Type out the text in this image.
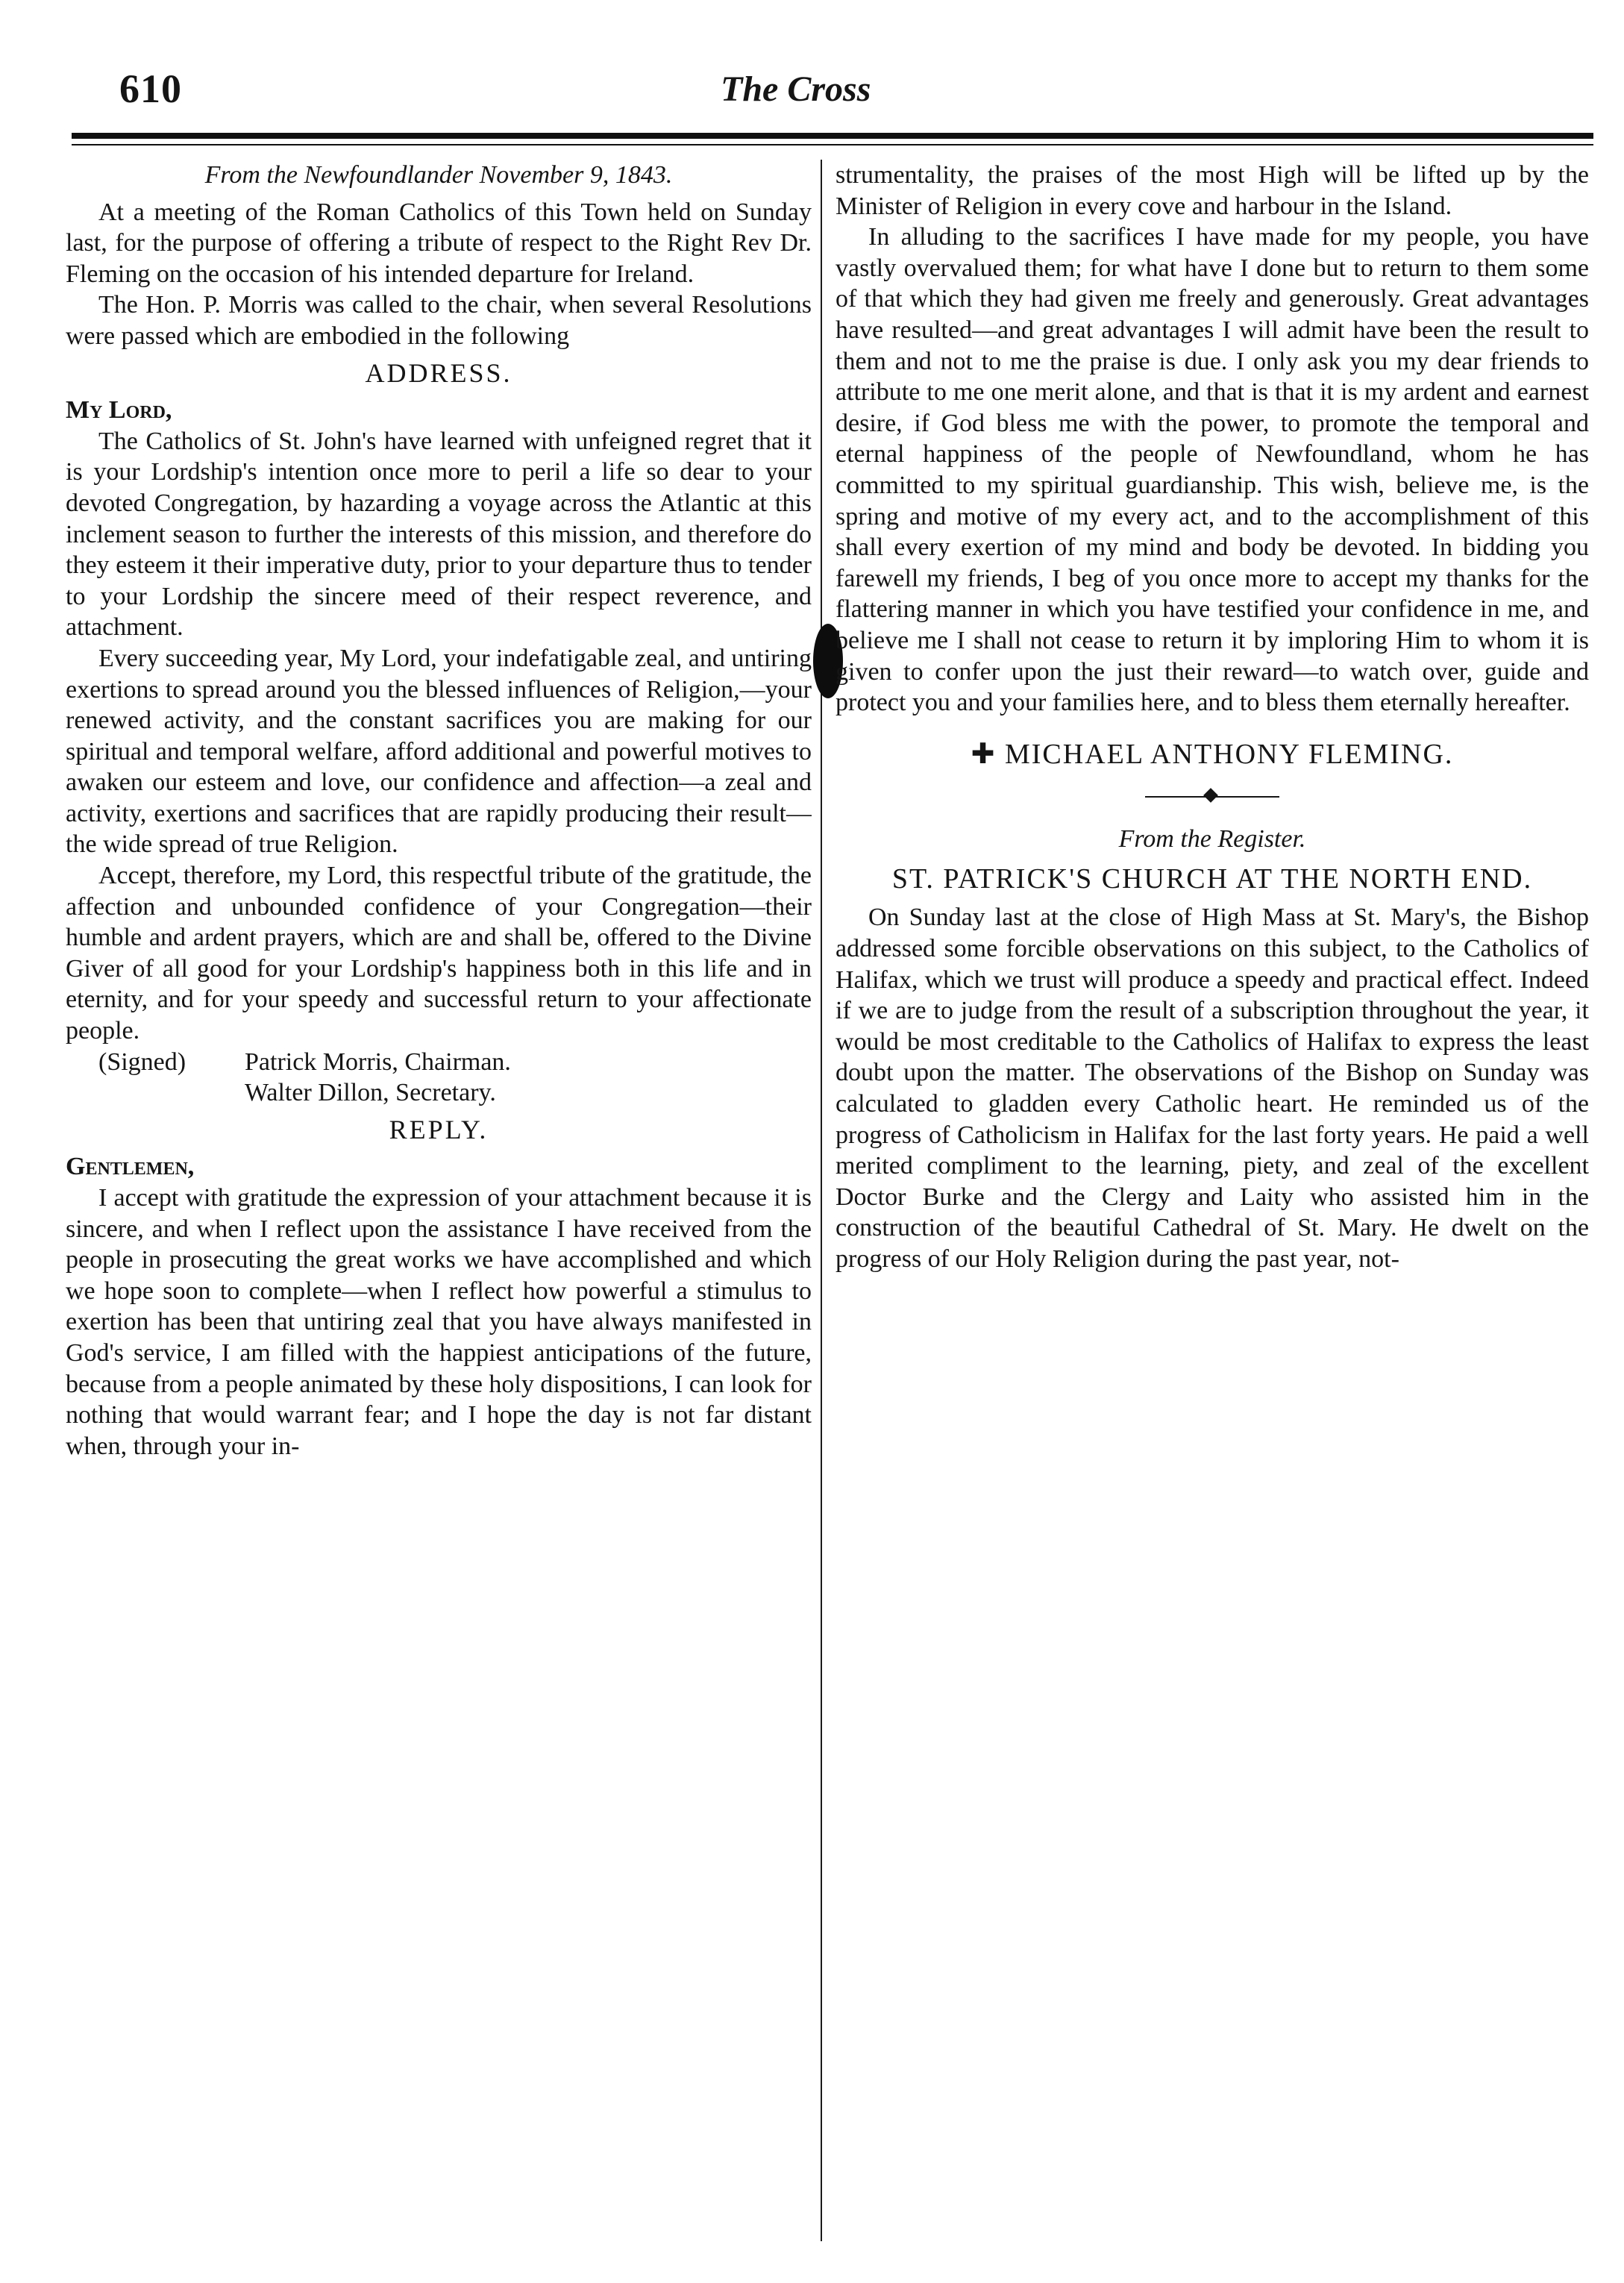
610	The Cross

From the Newfoundlander November 9, 1843.

At a meeting of the Roman Catholics of this Town held on Sunday last, for the purpose of offering a tribute of respect to the Right Rev Dr. Fleming on the occasion of his intended departure for Ireland.

The Hon. P. Morris was called to the chair, when several Resolutions were passed which are embodied in the following

ADDRESS.

My Lord,

The Catholics of St. John's have learned with unfeigned regret that it is your Lordship's intention once more to peril a life so dear to your devoted Congregation, by hazarding a voyage across the Atlantic at this inclement season to further the interests of this mission, and therefore do they esteem it their imperative duty, prior to your departure thus to tender to your Lordship the sincere meed of their respect reverence, and attachment.

Every succeeding year, My Lord, your indefatigable zeal, and untiring exertions to spread around you the blessed influences of Religion,—your renewed activity, and the constant sacrifices you are making for our spiritual and temporal welfare, afford additional and powerful motives to awaken our esteem and love, our confidence and affection—a zeal and activity, exertions and sacrifices that are rapidly producing their result—the wide spread of true Religion.

Accept, therefore, my Lord, this respectful tribute of the gratitude, the affection and unbounded confidence of your Congregation—their humble and ardent prayers, which are and shall be, offered to the Divine Giver of all good for your Lordship's happiness both in this life and in eternity, and for your speedy and successful return to your affectionate people.

(Signed)	Patrick Morris, Chairman.
Walter Dillon, Secretary.
REPLY.

Gentlemen,

I accept with gratitude the expression of your attachment because it is sincere, and when I reflect upon the assistance I have received from the people in prosecuting the great works we have accomplished and which we hope soon to complete—when I reflect how powerful a stimulus to exertion has been that untiring zeal that you have always manifested in God's service, I am filled with the happiest anticipations of the future, because from a people animated by these holy dispositions, I can look for nothing that would warrant fear; and I hope the day is not far distant when, through your in-

strumentality, the praises of the most High will be lifted up by the Minister of Religion in every cove and harbour in the Island.

In alluding to the sacrifices I have made for my people, you have vastly overvalued them; for what have I done but to return to them some of that which they had given me freely and generously. Great advantages have resulted—and great advantages I will admit have been the result to them and not to me the praise is due. I only ask you my dear friends to attribute to me one merit alone, and that is that it is my ardent and earnest desire, if God bless me with the power, to promote the temporal and eternal happiness of the people of Newfoundland, whom he has committed to my spiritual guardianship. This wish, believe me, is the spring and motive of my every act, and to the accomplishment of this shall every exertion of my mind and body be devoted. In bidding you farewell my friends, I beg of you once more to accept my thanks for the flattering manner in which you have testified your confidence in me, and believe me I shall not cease to return it by imploring Him to whom it is given to confer upon the just their reward—to watch over, guide and protect you and your families here, and to bless them eternally hereafter.

✚ MICHAEL ANTHONY FLEMING.

From the Register.

ST. PATRICK'S CHURCH AT THE NORTH END.

On Sunday last at the close of High Mass at St. Mary's, the Bishop addressed some forcible observations on this subject, to the Catholics of Halifax, which we trust will produce a speedy and practical effect. Indeed if we are to judge from the result of a subscription throughout the year, it would be most creditable to the Catholics of Halifax to express the least doubt upon the matter. The observations of the Bishop on Sunday was calculated to gladden every Catholic heart. He reminded us of the progress of Catholicism in Halifax for the last forty years. He paid a well merited compliment to the learning, piety, and zeal of the excellent Doctor Burke and the Clergy and Laity who assisted him in the construction of the beautiful Cathedral of St. Mary. He dwelt on the progress of our Holy Religion during the past year, not-
